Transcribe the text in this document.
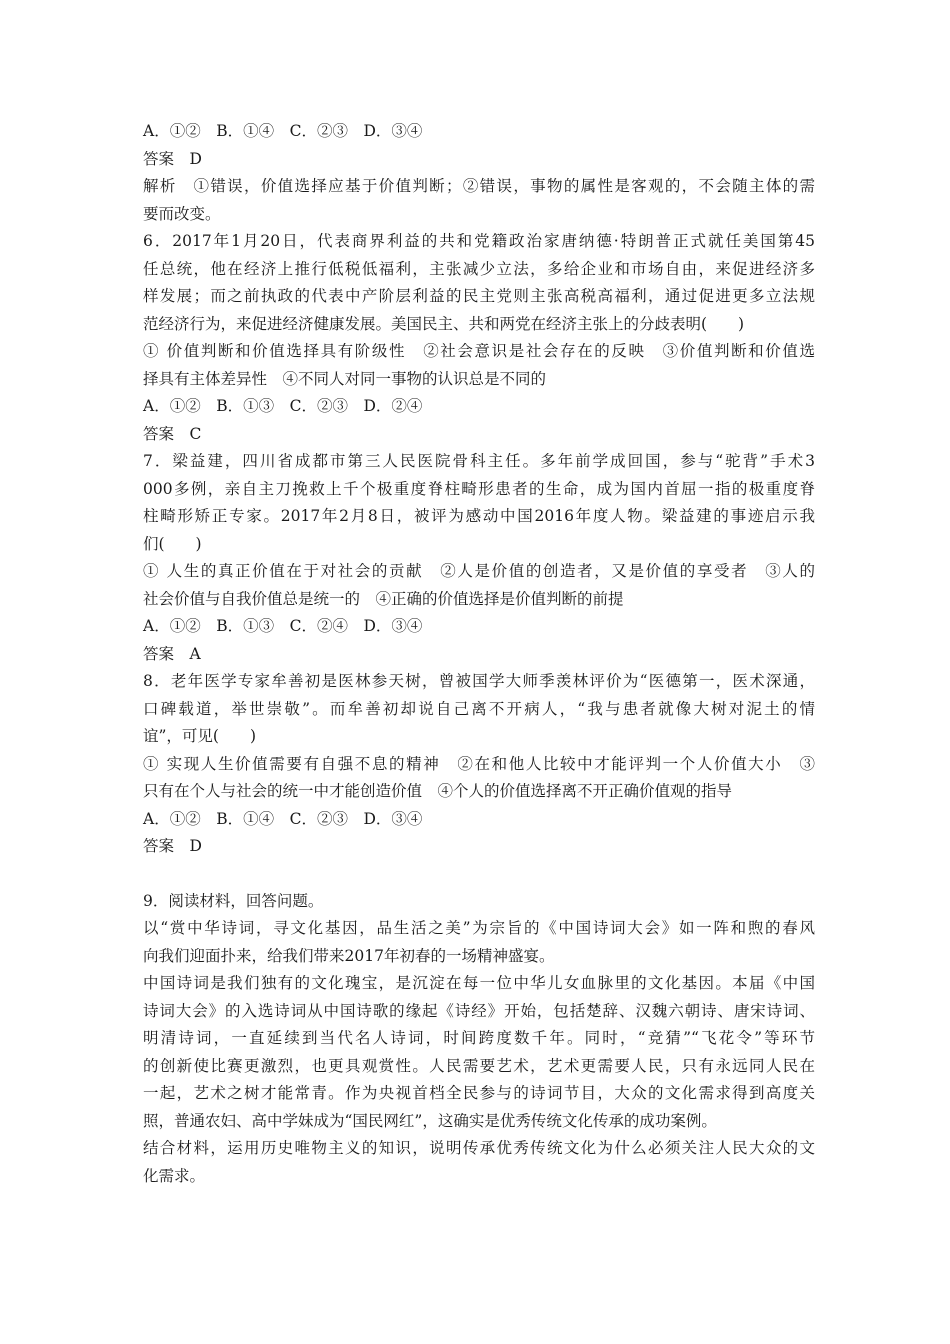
A．①②　B．①④　C．②③　D．③④
答案　D
解析　①错误，价值选择应基于价值判断；②错误，事物的属性是客观的，不会随主体的需
要而改变。
6．2017年1月20日，代表商界利益的共和党籍政治家唐纳德·特朗普正式就任美国第45
任总统，他在经济上推行低税低福利，主张减少立法，多给企业和市场自由，来促进经济多
样发展；而之前执政的代表中产阶层利益的民主党则主张高税高福利，通过促进更多立法规
范经济行为，来促进经济健康发展。美国民主、共和两党在经济主张上的分歧表明(　　)
① 价值判断和价值选择具有阶级性　②社会意识是社会存在的反映　③价值判断和价值选
择具有主体差异性　④不同人对同一事物的认识总是不同的
A．①②　B．①③　C．②③　D．②④
答案　C
7．梁益建，四川省成都市第三人民医院骨科主任。多年前学成回国，参与“驼背”手术3
000多例，亲自主刀挽救上千个极重度脊柱畸形患者的生命，成为国内首屈一指的极重度脊
柱畸形矫正专家。2017年2月8日，被评为感动中国2016年度人物。梁益建的事迹启示我
们(　　)
① 人生的真正价值在于对社会的贡献　②人是价值的创造者，又是价值的享受者　③人的
社会价值与自我价值总是统一的　④正确的价值选择是价值判断的前提
A．①②　B．①③　C．②④　D．③④
答案　A
8．老年医学专家牟善初是医林参天树，曾被国学大师季羡林评价为“医德第一，医术深通，
口碑载道，举世崇敬”。而牟善初却说自己离不开病人，“我与患者就像大树对泥土的情
谊”，可见(　　)
① 实现人生价值需要有自强不息的精神　②在和他人比较中才能评判一个人价值大小　③
只有在个人与社会的统一中才能创造价值　④个人的价值选择离不开正确价值观的指导
A．①②　B．①④　C．②③　D．③④
答案　D
9．阅读材料，回答问题。
以“赏中华诗词，寻文化基因，品生活之美”为宗旨的《中国诗词大会》如一阵和煦的春风
向我们迎面扑来，给我们带来2017年初春的一场精神盛宴。
中国诗词是我们独有的文化瑰宝，是沉淀在每一位中华儿女血脉里的文化基因。本届《中国
诗词大会》的入选诗词从中国诗歌的缘起《诗经》开始，包括楚辞、汉魏六朝诗、唐宋诗词、
明清诗词，一直延续到当代名人诗词，时间跨度数千年。同时，“竞猜”“飞花令”等环节
的创新使比赛更激烈，也更具观赏性。人民需要艺术，艺术更需要人民，只有永远同人民在
一起，艺术之树才能常青。作为央视首档全民参与的诗词节目，大众的文化需求得到高度关
照，普通农妇、高中学妹成为“国民网红”，这确实是优秀传统文化传承的成功案例。
结合材料，运用历史唯物主义的知识，说明传承优秀传统文化为什么必须关注人民大众的文
化需求。
